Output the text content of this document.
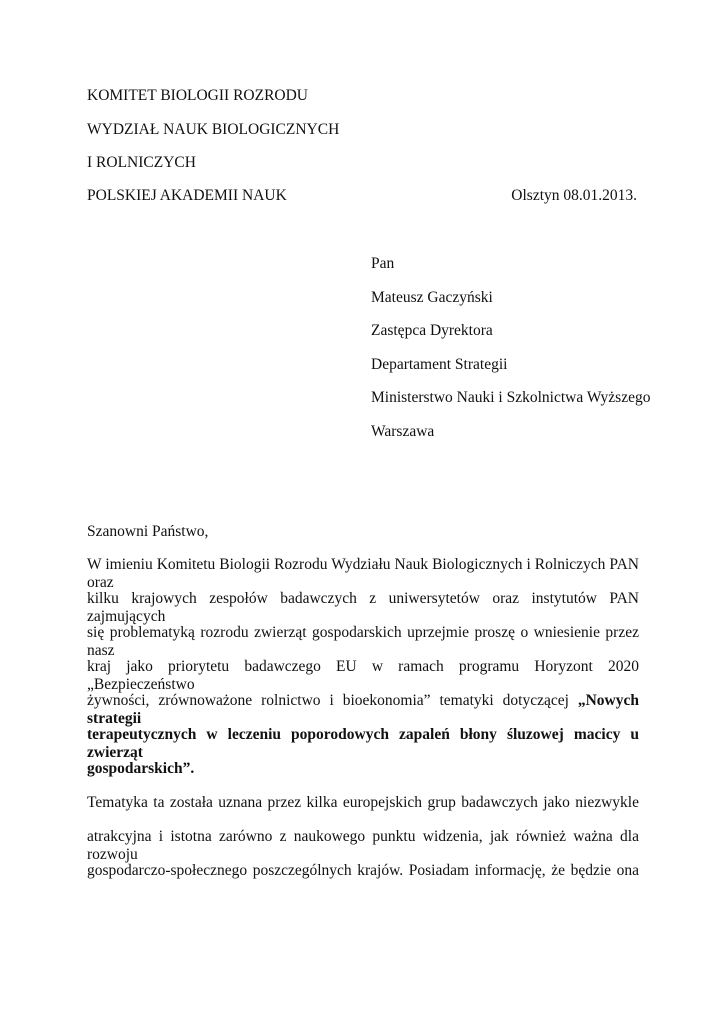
KOMITET BIOLOGII ROZRODU
WYDZIAŁ NAUK BIOLOGICZNYCH
I ROLNICZYCH
POLSKIEJ AKADEMII NAUK	Olsztyn 08.01.2013.
Pan
Mateusz Gaczyński
Zastępca Dyrektora
Departament Strategii
Ministerstwo Nauki i Szkolnictwa Wyższego
Warszawa
Szanowni Państwo,
W imieniu Komitetu Biologii Rozrodu Wydziału Nauk Biologicznych i Rolniczych PAN oraz
kilku krajowych zespołów badawczych z uniwersytetów oraz instytutów PAN zajmujących
się problematyką rozrodu zwierząt gospodarskich uprzejmie proszę o wniesienie przez nasz
kraj jako priorytetu badawczego EU w ramach programu Horyzont 2020 „Bezpieczeństwo
żywności, zrównoważone rolnictwo i bioekonomia” tematyki dotyczącej „Nowych strategii
terapeutycznych w leczeniu poporodowych zapaleń błony śluzowej macicy u zwierząt
gospodarskich”.
Tematyka ta została uznana przez kilka europejskich grup badawczych jako niezwykle
atrakcyjna i istotna zarówno z naukowego punktu widzenia, jak również ważna dla rozwoju
gospodarczo-społecznego poszczególnych krajów. Posiadam informację, że będzie ona
